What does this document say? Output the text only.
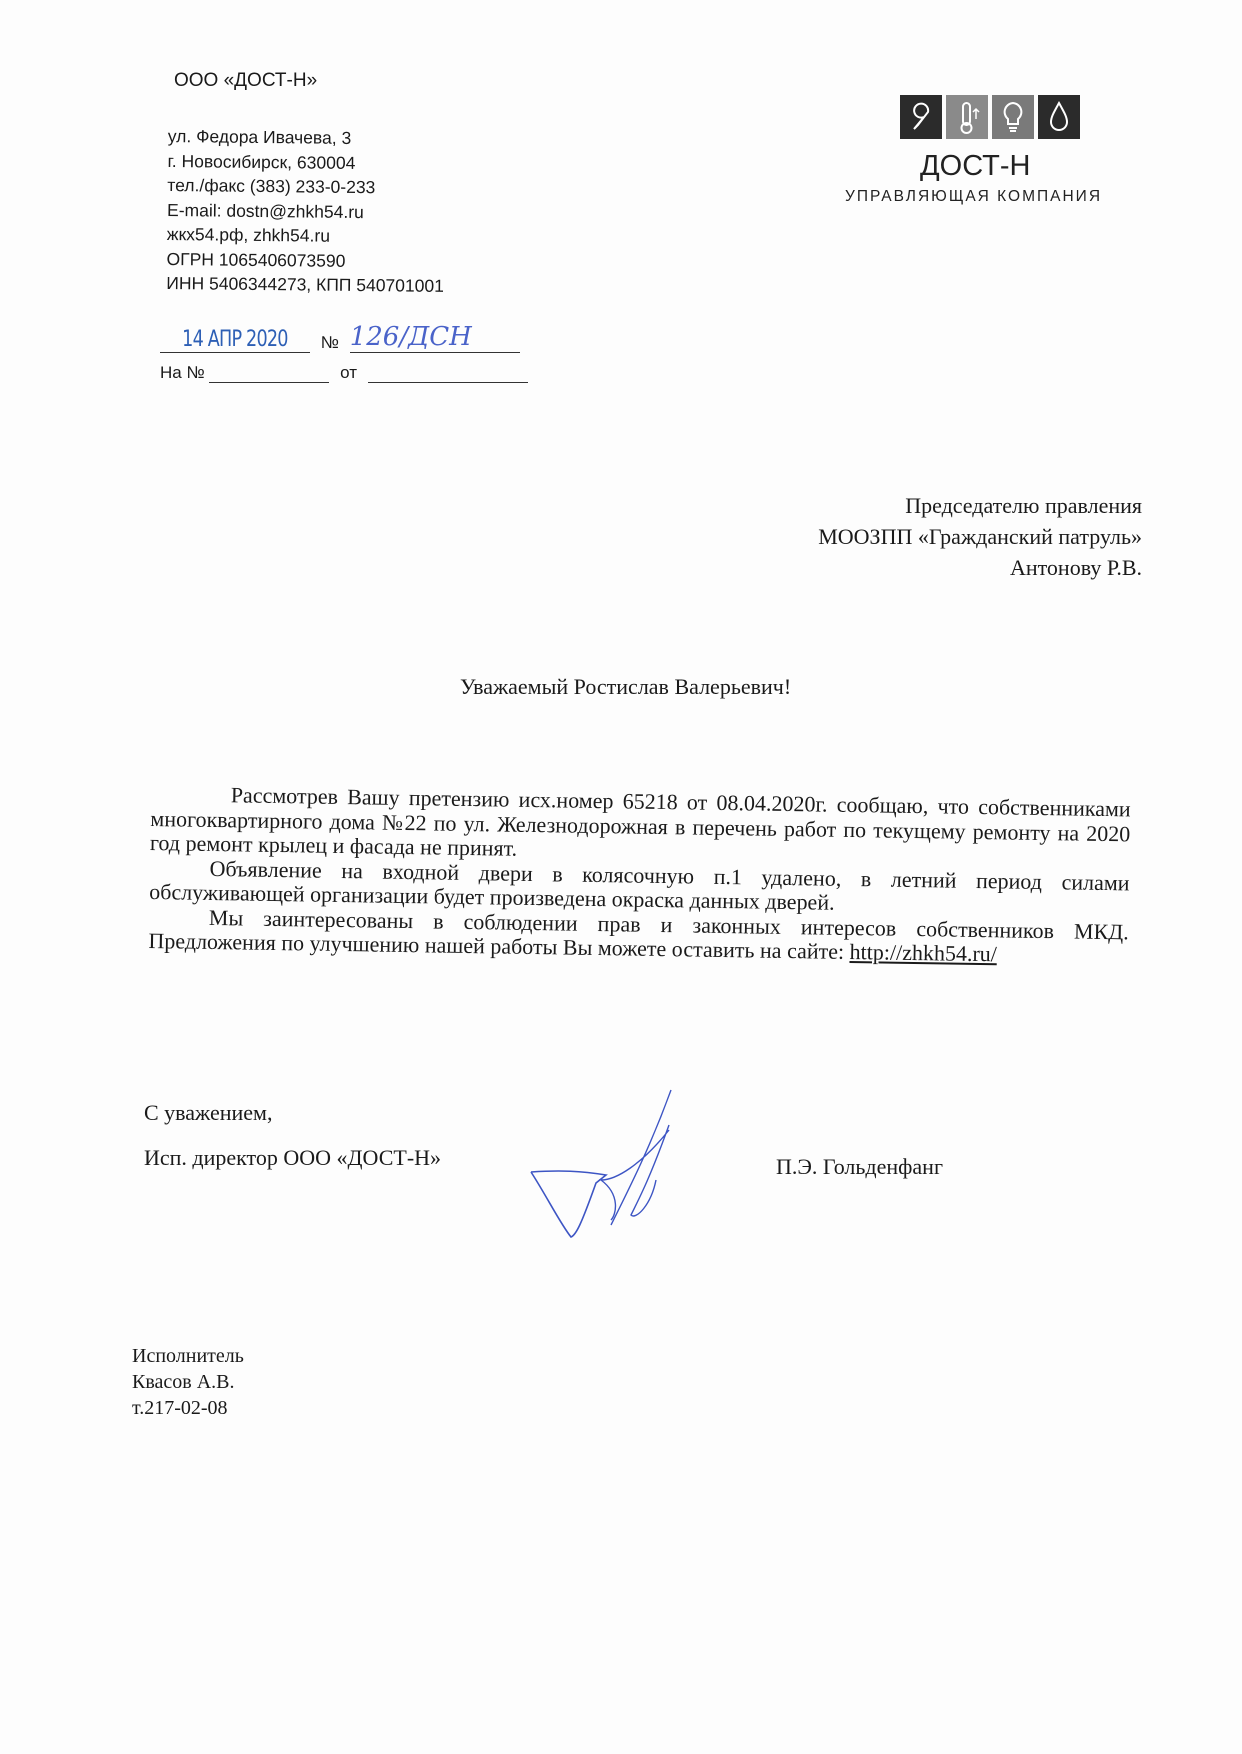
ООО «ДОСТ-Н»
ул. Федора Ивачева, 3
г. Новосибирск, 630004
тел./факс (383) 233-0-233
E-mail: dostn@zhkh54.ru
жкх54.рф, zhkh54.ru
ОГРН 1065406073590
ИНН 5406344273, КПП 540701001
14 АПР 2020 № 126/ДСН
На №	от
ДОСТ-Н
УПРАВЛЯЮЩАЯ КОМПАНИЯ
Председателю правления
МООЗПП «Гражданский патруль»
Антонову Р.В.
Уважаемый Ростислав Валерьевич!

Рассмотрев Вашу претензию исх.номер 65218 от 08.04.2020г. сообщаю, что собственниками многоквартирного дома №22 по ул. Железнодорожная в перечень работ по текущему ремонту на 2020 год ремонт крылец и фасада не принят.

Объявление на входной двери в колясочную п.1 удалено, в летний период силами обслуживающей организации будет произведена окраска данных дверей.

Мы заинтересованы в соблюдении прав и законных интересов собственников МКД. Предложения по улучшению нашей работы Вы можете оставить на сайте: http://zhkh54.ru/

С уважением,
Исп. директор ООО «ДОСТ-Н»	П.Э. Гольденфанг
Исполнитель
Квасов А.В.
т.217-02-08
